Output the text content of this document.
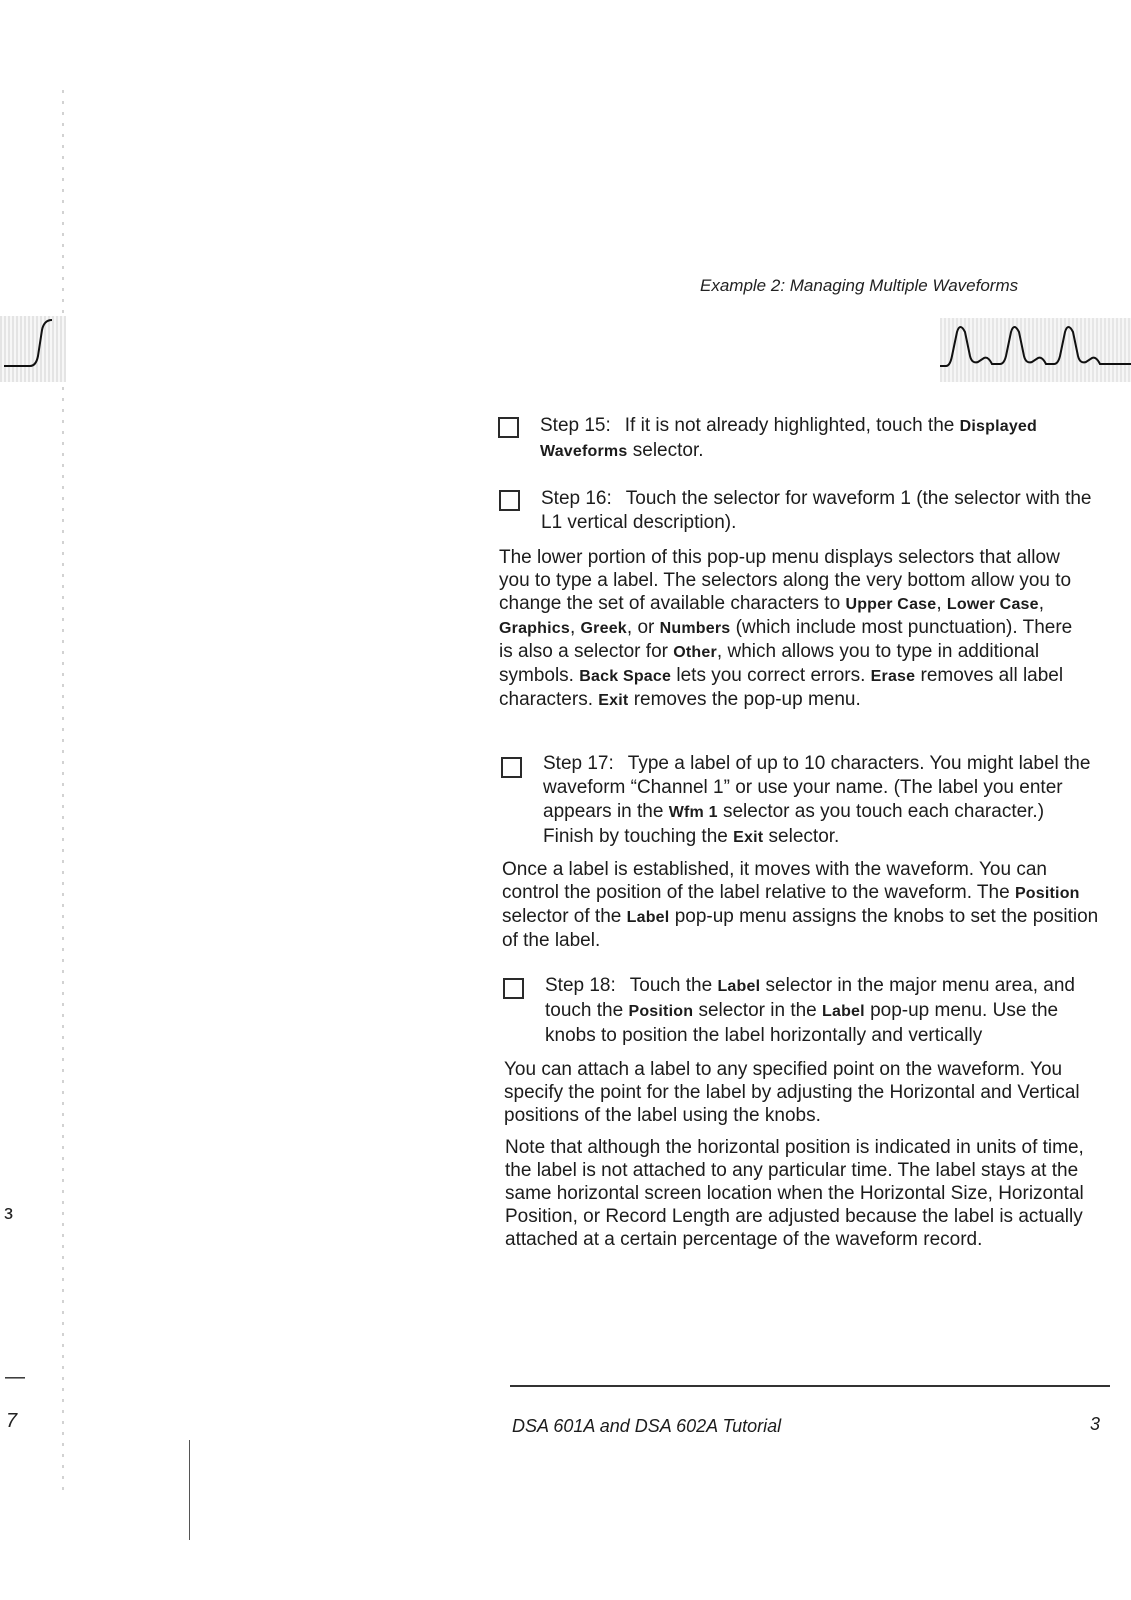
Example 2: Managing Multiple Waveforms
Step 15: If it is not already highlighted, touch the Displayed Waveforms selector.
Step 16: Touch the selector for waveform 1 (the selector with the L1 vertical description).
The lower portion of this pop-up menu displays selectors that allow you to type a label. The selectors along the very bottom allow you to change the set of available characters to Upper Case, Lower Case, Graphics, Greek, or Numbers (which include most punctuation). There is also a selector for Other, which allows you to type in additional symbols. Back Space lets you correct errors. Erase removes all label characters. Exit removes the pop-up menu.
Step 17: Type a label of up to 10 characters. You might label the waveform “Channel 1” or use your name. (The label you enter appears in the Wfm 1 selector as you touch each character.) Finish by touching the Exit selector.
Once a label is established, it moves with the waveform. You can control the position of the label relative to the waveform. The Position selector of the Label pop-up menu assigns the knobs to set the position of the label.
Step 18: Touch the Label selector in the major menu area, and touch the Position selector in the Label pop-up menu. Use the knobs to position the label horizontally and vertically
You can attach a label to any specified point on the waveform. You specify the point for the label by adjusting the Horizontal and Vertical positions of the label using the knobs.
Note that although the horizontal position is indicated in units of time, the label is not attached to any particular time. The label stays at the same horizontal screen location when the Horizontal Size, Horizontal Position, or Record Length are adjusted because the label is actually attached at a certain percentage of the waveform record.
—
7
з
DSA 601A and DSA 602A Tutorial	3
